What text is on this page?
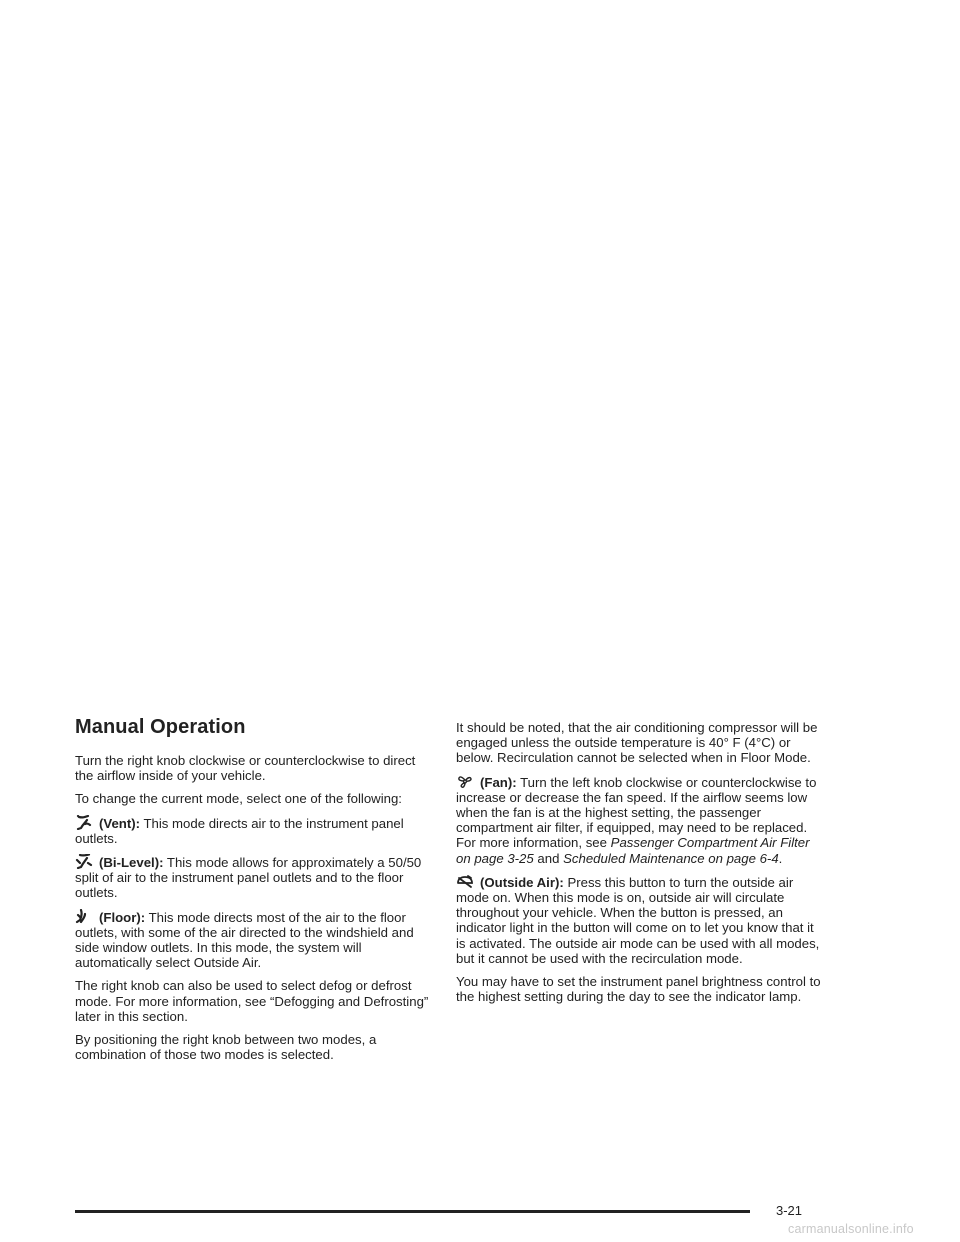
Manual Operation

Turn the right knob clockwise or counterclockwise to direct the airflow inside of your vehicle.

To change the current mode, select one of the following:

(Vent): This mode directs air to the instrument panel outlets.

(Bi-Level): This mode allows for approximately a 50/50 split of air to the instrument panel outlets and to the floor outlets.

(Floor): This mode directs most of the air to the floor outlets, with some of the air directed to the windshield and side window outlets. In this mode, the system will automatically select Outside Air.

The right knob can also be used to select defog or defrost mode. For more information, see “Defogging and Defrosting” later in this section.

By positioning the right knob between two modes, a combination of those two modes is selected.

It should be noted, that the air conditioning compressor will be engaged unless the outside temperature is 40° F (4°C) or below. Recirculation cannot be selected when in Floor Mode.

(Fan): Turn the left knob clockwise or counterclockwise to increase or decrease the fan speed. If the airflow seems low when the fan is at the highest setting, the passenger compartment air filter, if equipped, may need to be replaced. For more information, see Passenger Compartment Air Filter on page 3-25 and Scheduled Maintenance on page 6-4.

(Outside Air): Press this button to turn the outside air mode on. When this mode is on, outside air will circulate throughout your vehicle. When the button is pressed, an indicator light in the button will come on to let you know that it is activated. The outside air mode can be used with all modes, but it cannot be used with the recirculation mode.

You may have to set the instrument panel brightness control to the highest setting during the day to see the indicator lamp.

3-21
carmanualsonline.info
